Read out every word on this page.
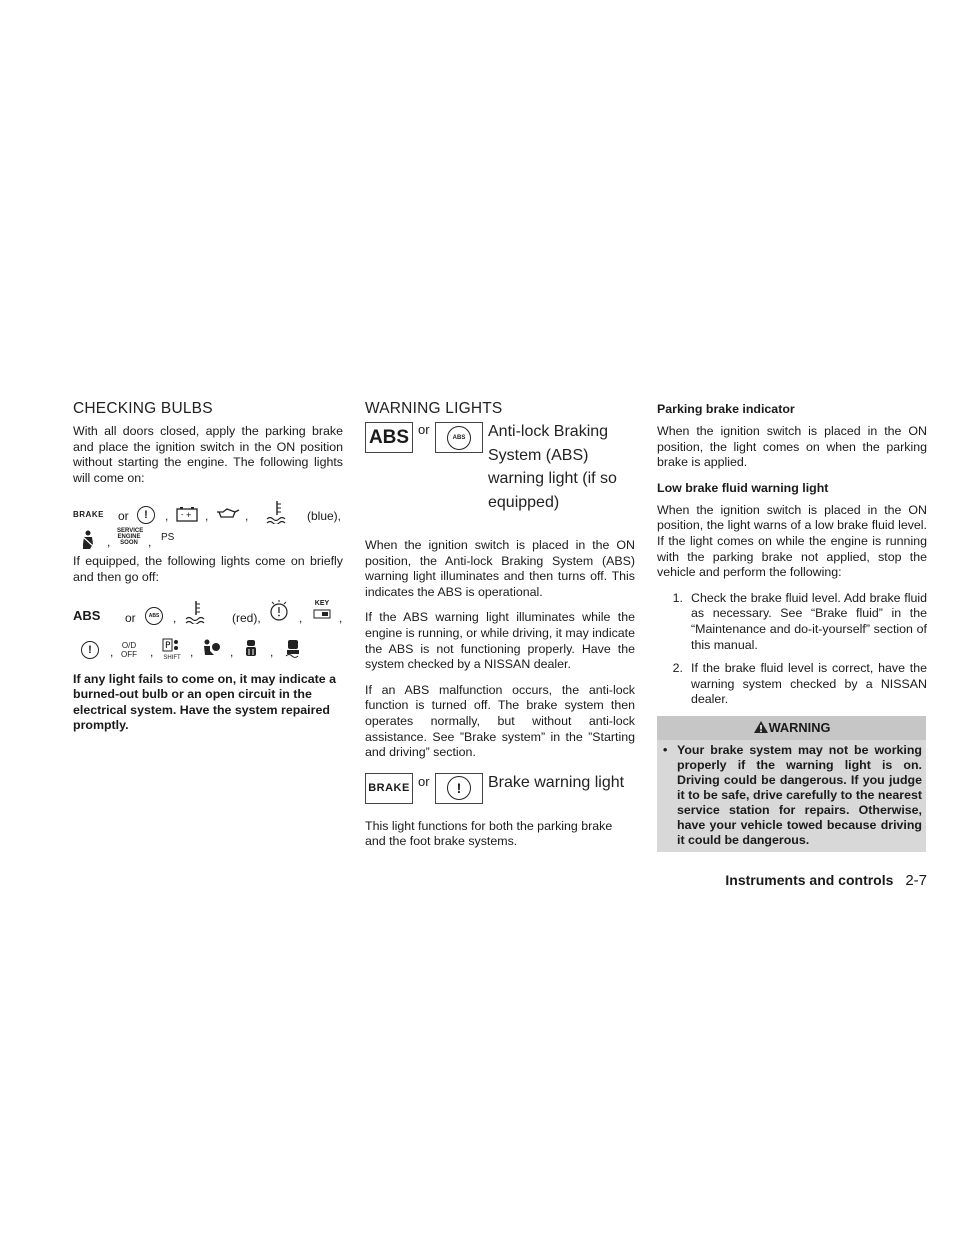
CHECKING BULBS

With all doors closed, apply the parking brake and place the ignition switch in the ON position without starting the engine. The following lights will come on:

BRAKE or	!	, - + ,	,	(blue),
,
SERVICE ENGINE SOON , PS

If equipped, the following lights come on briefly and then go off:

ABS or	ABS ,	(red),	,
KEY
,
!	, O/D
OFF , P
SHIFT ,	,	,

If any light fails to come on, it may indicate a burned-out bulb or an open circuit in the electrical system. Have the system repaired promptly.

WARNING LIGHTS
ABS or
ABS Anti-lock Braking System (ABS) warning light (if so equipped)

When the ignition switch is placed in the ON position, the Anti-lock Braking System (ABS) warning light illuminates and then turns off. This indicates the ABS is operational.

If the ABS warning light illuminates while the engine is running, or while driving, it may indicate the ABS is not functioning properly. Have the system checked by a NISSAN dealer.

If an ABS malfunction occurs, the anti-lock function is turned off. The brake system then operates normally, but without anti-lock assistance. See ”Brake system” in the ”Starting and driving” section.

BRAKE or	!	Brake warning light

This light functions for both the parking brake and the foot brake systems.

Parking brake indicator

When the ignition switch is placed in the ON position, the light comes on when the parking brake is applied.

Low brake fluid warning light

When the ignition switch is placed in the ON position, the light warns of a low brake fluid level. If the light comes on while the engine is running with the parking brake not applied, stop the vehicle and perform the following:

1. Check the brake fluid level. Add brake fluid as necessary. See “Brake fluid” in the “Maintenance and do-it-yourself” section of this manual.
2. If the brake fluid level is correct, have the warning system checked by a NISSAN dealer.
WARNING
• Your brake system may not be working properly if the warning light is on. Driving could be dangerous. If you judge it to be safe, drive carefully to the nearest service station for repairs. Otherwise, have your vehicle towed because driving it could be dangerous.
Instruments and controls 2-7
